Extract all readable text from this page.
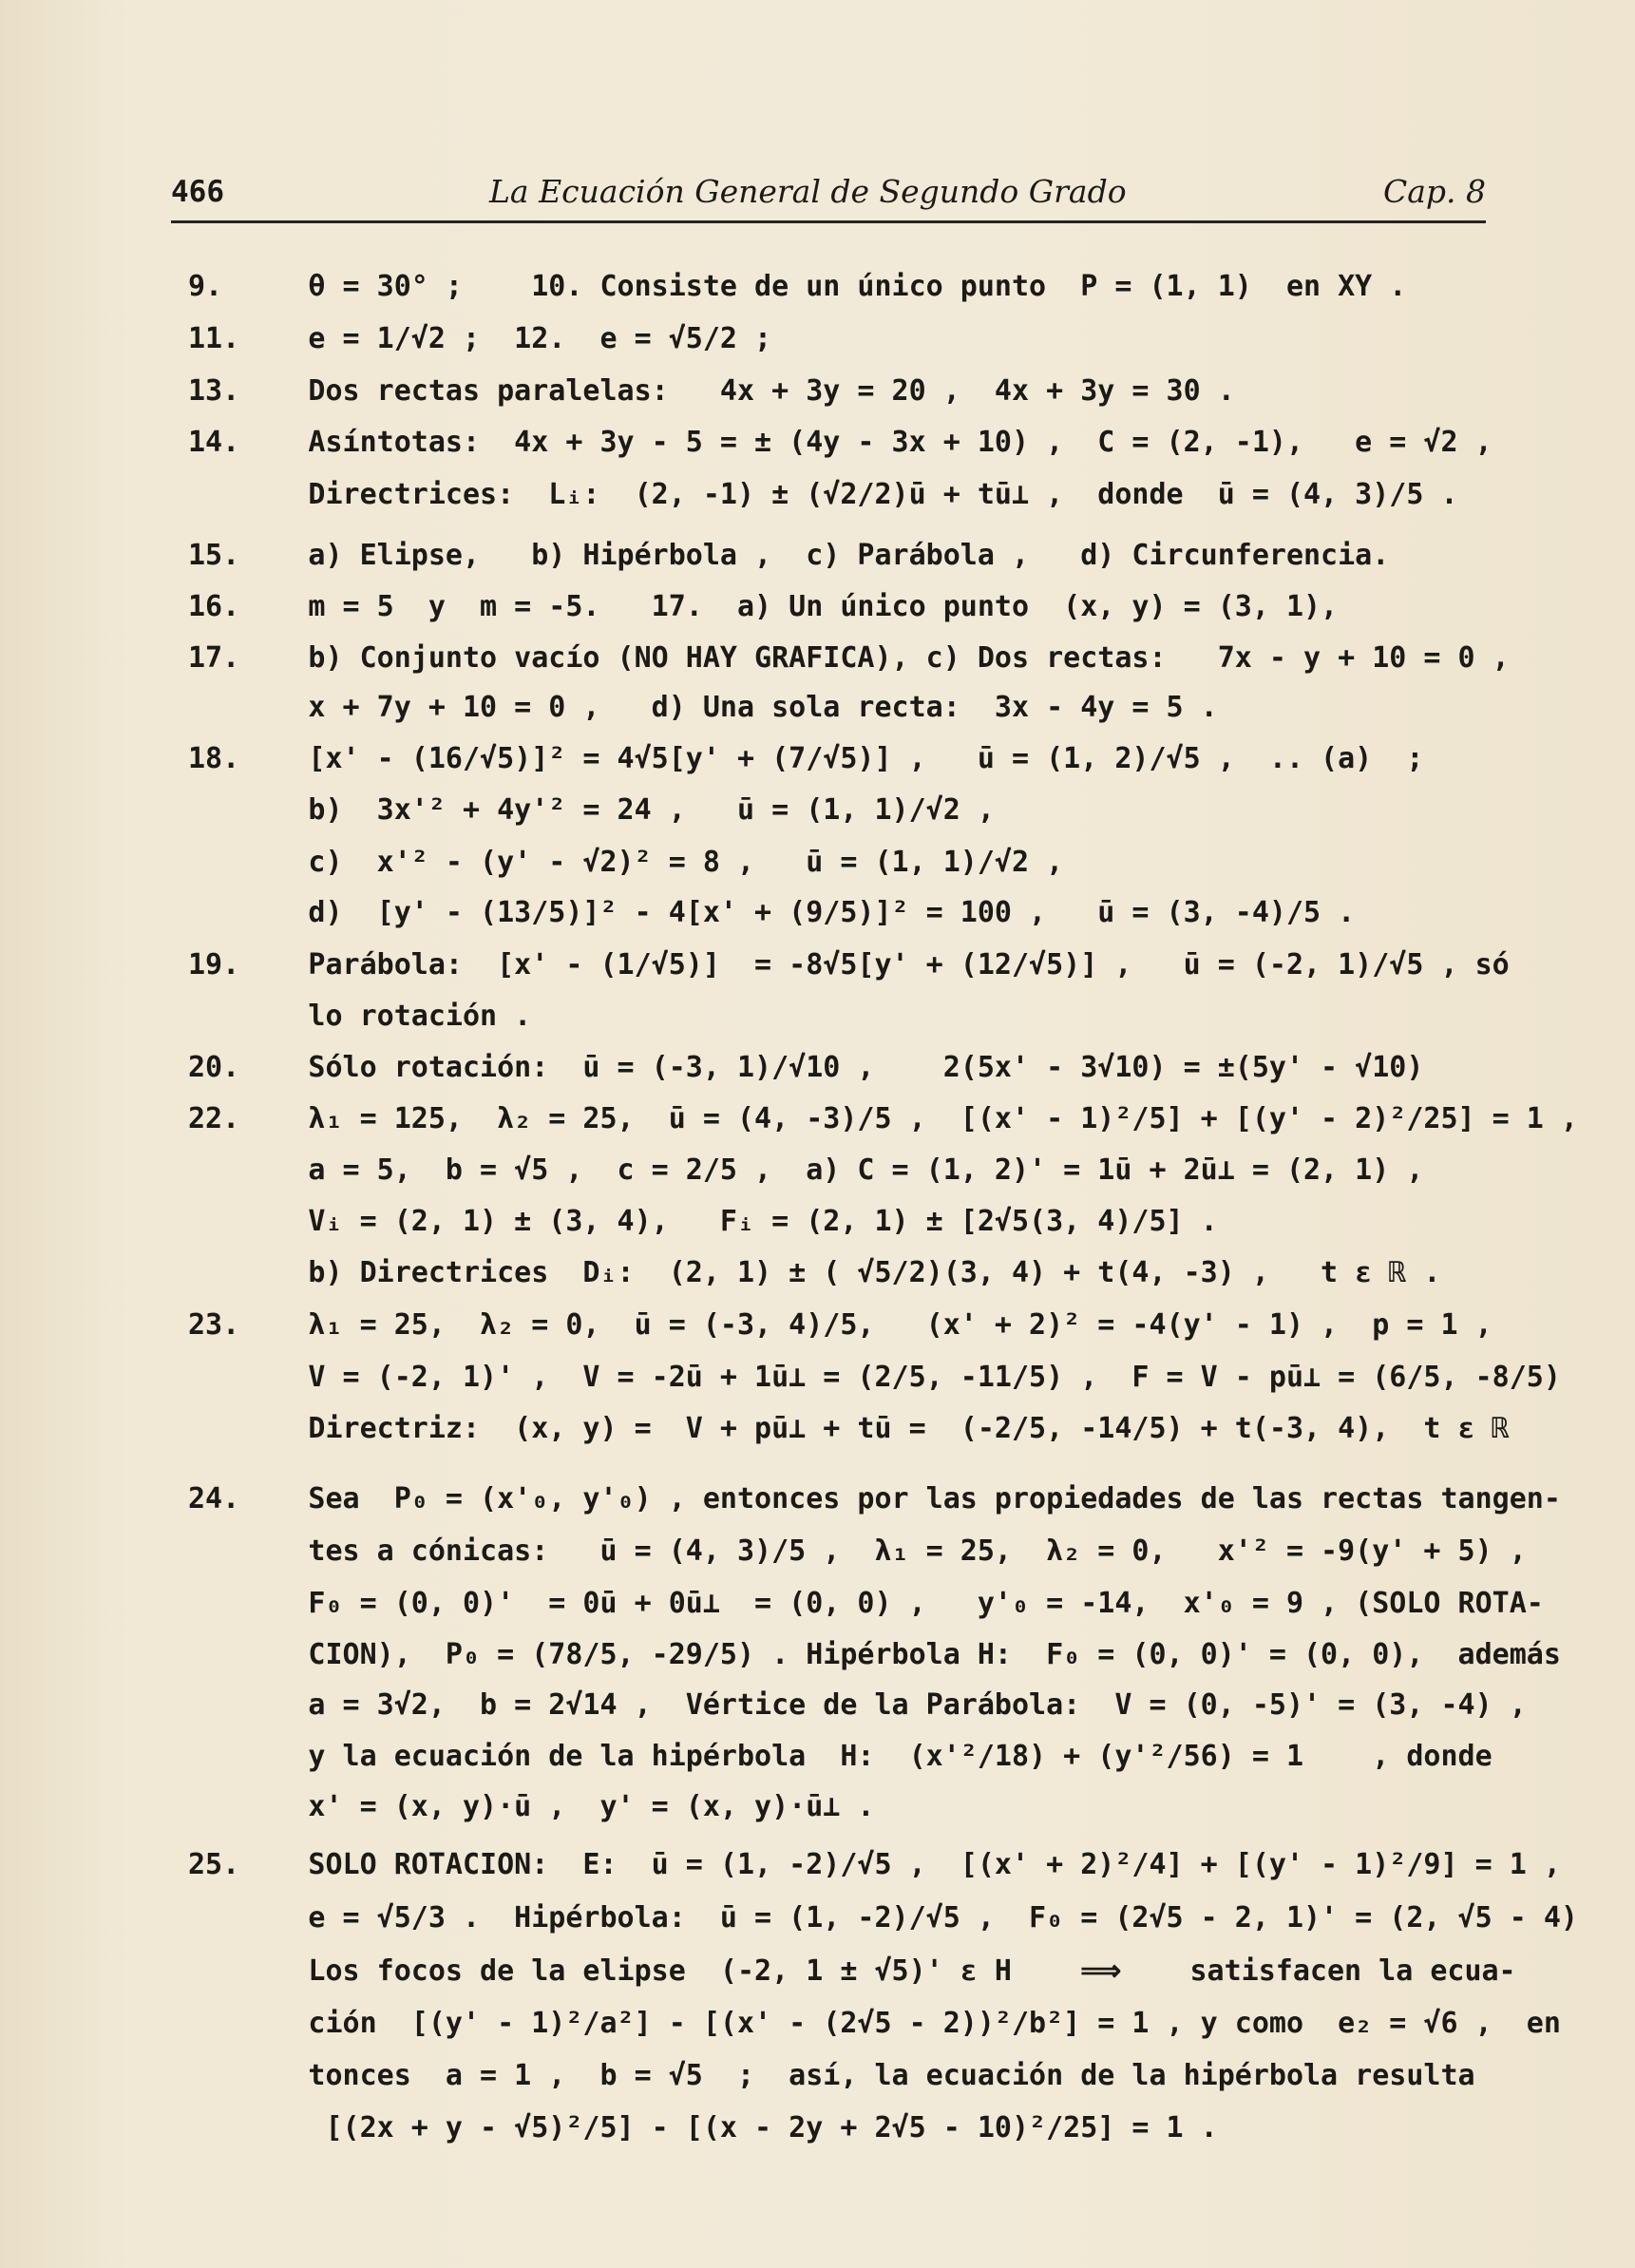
466	La Ecuación General de Segundo Grado	Cap. 8
9.     θ = 30° ;    10. Consiste de un único punto  P = (1, 1)  en XY .
11.    e = 1/√2 ;  12.  e = √5/2 ;
13.    Dos rectas paralelas:   4x + 3y = 20 ,  4x + 3y = 30 .
14.    Asíntotas:  4x + 3y - 5 = ± (4y - 3x + 10) ,  C = (2, -1),   e = √2 ,
Directrices:  Lᵢ:  (2, -1) ± (√2/2)ū + tū⊥ ,  donde  ū = (4, 3)/5 .
15.    a) Elipse,   b) Hipérbola ,  c) Parábola ,   d) Circunferencia.
16.    m = 5  y  m = -5.   17.  a) Un único punto  (x, y) = (3, 1),
17.    b) Conjunto vacío (NO HAY GRAFICA), c) Dos rectas:   7x - y + 10 = 0 ,
x + 7y + 10 = 0 ,   d) Una sola recta:  3x - 4y = 5 .
18.    [x' - (16/√5)]² = 4√5[y' + (7/√5)] ,   ū = (1, 2)/√5 ,  .. (a)  ;
b)  3x'² + 4y'² = 24 ,   ū = (1, 1)/√2 ,
c)  x'² - (y' - √2)² = 8 ,   ū = (1, 1)/√2 ,
d)  [y' - (13/5)]² - 4[x' + (9/5)]² = 100 ,   ū = (3, -4)/5 .
19.    Parábola:  [x' - (1/√5)]  = -8√5[y' + (12/√5)] ,   ū = (-2, 1)/√5 , só
lo rotación .
20.    Sólo rotación:  ū = (-3, 1)/√10 ,    2(5x' - 3√10) = ±(5y' - √10)
22.    λ₁ = 125,  λ₂ = 25,  ū = (4, -3)/5 ,  [(x' - 1)²/5] + [(y' - 2)²/25] = 1 ,
a = 5,  b = √5 ,  c = 2/5 ,  a) C = (1, 2)' = 1ū + 2ū⊥ = (2, 1) ,
Vᵢ = (2, 1) ± (3, 4),   Fᵢ = (2, 1) ± [2√5(3, 4)/5] .
b) Directrices  Dᵢ:  (2, 1) ± ( √5/2)(3, 4) + t(4, -3) ,   t ε ℝ .
23.    λ₁ = 25,  λ₂ = 0,  ū = (-3, 4)/5,   (x' + 2)² = -4(y' - 1) ,  p = 1 ,
V = (-2, 1)' ,  V = -2ū + 1ū⊥ = (2/5, -11/5) ,  F = V - pū⊥ = (6/5, -8/5)
Directriz:  (x, y) =  V + pū⊥ + tū =  (-2/5, -14/5) + t(-3, 4),  t ε ℝ
24.    Sea  P₀ = (x'₀, y'₀) , entonces por las propiedades de las rectas tangen-
tes a cónicas:   ū = (4, 3)/5 ,  λ₁ = 25,  λ₂ = 0,   x'² = -9(y' + 5) ,
F₀ = (0, 0)'  = 0ū + 0ū⊥  = (0, 0) ,   y'₀ = -14,  x'₀ = 9 , (SOLO ROTA-
CION),  P₀ = (78/5, -29/5) . Hipérbola H:  F₀ = (0, 0)' = (0, 0),  además
a = 3√2,  b = 2√14 ,  Vértice de la Parábola:  V = (0, -5)' = (3, -4) ,
y la ecuación de la hipérbola  H:  (x'²/18) + (y'²/56) = 1    , donde
x' = (x, y)·ū ,  y' = (x, y)·ū⊥ .
25.    SOLO ROTACION:  E:  ū = (1, -2)/√5 ,  [(x' + 2)²/4] + [(y' - 1)²/9] = 1 ,
e = √5/3 .  Hipérbola:  ū = (1, -2)/√5 ,  F₀ = (2√5 - 2, 1)' = (2, √5 - 4)
Los focos de la elipse  (-2, 1 ± √5)' ε H    ⟹    satisfacen la ecua-
ción  [(y' - 1)²/a²] - [(x' - (2√5 - 2))²/b²] = 1 , y como  e₂ = √6 ,  en
tonces  a = 1 ,  b = √5  ;  así, la ecuación de la hipérbola resulta
[(2x + y - √5)²/5] - [(x - 2y + 2√5 - 10)²/25] = 1 .
